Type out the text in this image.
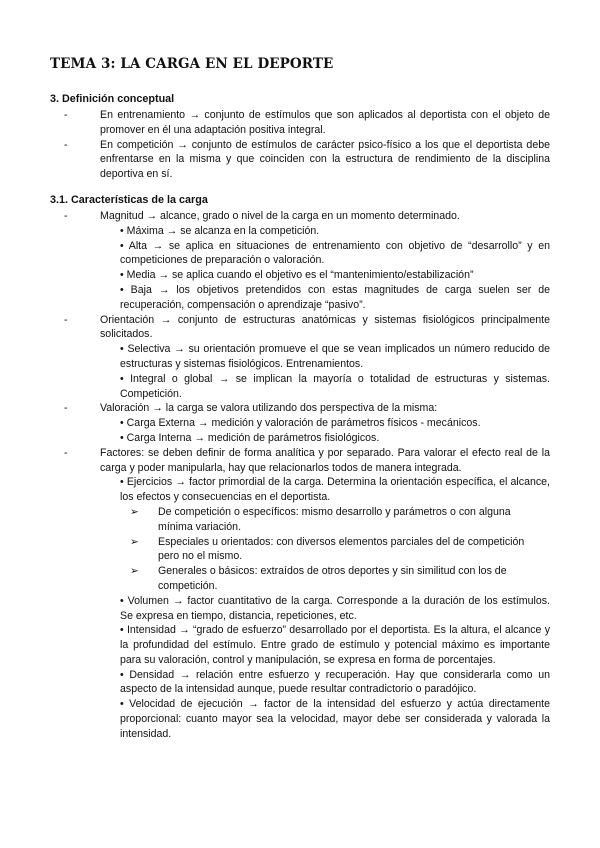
TEMA 3: LA CARGA EN EL DEPORTE
3. Definición conceptual
-	En entrenamiento → conjunto de estímulos que son aplicados al deportista con el objeto de promover en él una adaptación positiva integral.
-	En competición → conjunto de estímulos de carácter psico-físico a los que el deportista debe enfrentarse en la misma y que coinciden con la estructura de rendimiento de la disciplina deportiva en sí.
3.1. Características de la carga
-	Magnitud → alcance, grado o nivel de la carga en un momento determinado.
• Máxima → se alcanza en la competición.
• Alta → se aplica en situaciones de entrenamiento con objetivo de “desarrollo” y en competiciones de preparación o valoración.
• Media → se aplica cuando el objetivo es el “mantenimiento/estabilización”
• Baja → los objetivos pretendidos con estas magnitudes de carga suelen ser de recuperación, compensación o aprendizaje “pasivo”.
-	Orientación → conjunto de estructuras anatómicas y sistemas fisiológicos principalmente solicitados.
• Selectiva → su orientación promueve el que se vean implicados un número reducido de estructuras y sistemas fisiológicos. Entrenamientos.
• Integral o global → se implican la mayoría o totalidad de estructuras y sistemas. Competición.
-	Valoración → la carga se valora utilizando dos perspectiva de la misma:
• Carga Externa → medición y valoración de parámetros físicos - mecánicos.
• Carga Interna → medición de parámetros fisiológicos.
-	Factores: se deben definir de forma analítica y por separado. Para valorar el efecto real de la carga y poder manipularla, hay que relacionarlos todos de manera integrada.
• Ejercicios → factor primordial de la carga. Determina la orientación específica, el alcance, los efectos y consecuencias en el deportista.
➢	De competición o específicos: mismo desarrollo y parámetros o con alguna mínima variación.
➢	Especiales u orientados: con diversos elementos parciales del de competición pero no el mismo.
➢	Generales o básicos: extraídos de otros deportes y sin similitud con los de competición.
• Volumen → factor cuantitativo de la carga. Corresponde a la duración de los estímulos. Se expresa en tiempo, distancia, repeticiones, etc.
• Intensidad → “grado de esfuerzo” desarrollado por el deportista. Es la altura, el alcance y la profundidad del estímulo. Entre grado de estímulo y potencial máximo es importante para su valoración, control y manipulación, se expresa en forma de porcentajes.
• Densidad → relación entre esfuerzo y recuperación. Hay que considerarla como un aspecto de la intensidad aunque, puede resultar contradictorio o paradójico.
• Velocidad de ejecución → factor de la intensidad del esfuerzo y actúa directamente proporcional: cuanto mayor sea la velocidad, mayor debe ser considerada y valorada la intensidad.
